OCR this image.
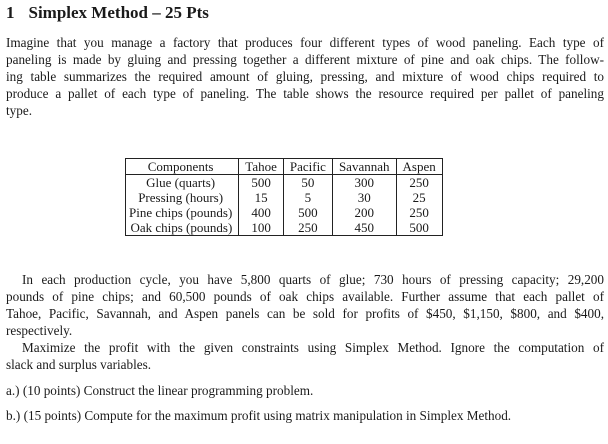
1 Simplex Method – 25 Pts
Imagine that you manage a factory that produces four different types of wood paneling. Each type of
paneling is made by gluing and pressing together a different mixture of pine and oak chips. The follow-
ing table summarizes the required amount of gluing, pressing, and mixture of wood chips required to
produce a pallet of each type of paneling. The table shows the resource required per pallet of paneling
type.
Components	Tahoe	Pacific	Savannah	Aspen
Glue (quarts)	500	50	300	250
Pressing (hours)	15	5	30	25
Pine chips (pounds)	400	500	200	250
Oak chips (pounds)	100	250	450	500
In each production cycle, you have 5,800 quarts of glue; 730 hours of pressing capacity; 29,200
pounds of pine chips; and 60,500 pounds of oak chips available. Further assume that each pallet of
Tahoe, Pacific, Savannah, and Aspen panels can be sold for profits of $450, $1,150, $800, and $400,
respectively.
Maximize the profit with the given constraints using Simplex Method. Ignore the computation of
slack and surplus variables.
a.) (10 points) Construct the linear programming problem.
b.) (15 points) Compute for the maximum profit using matrix manipulation in Simplex Method.
